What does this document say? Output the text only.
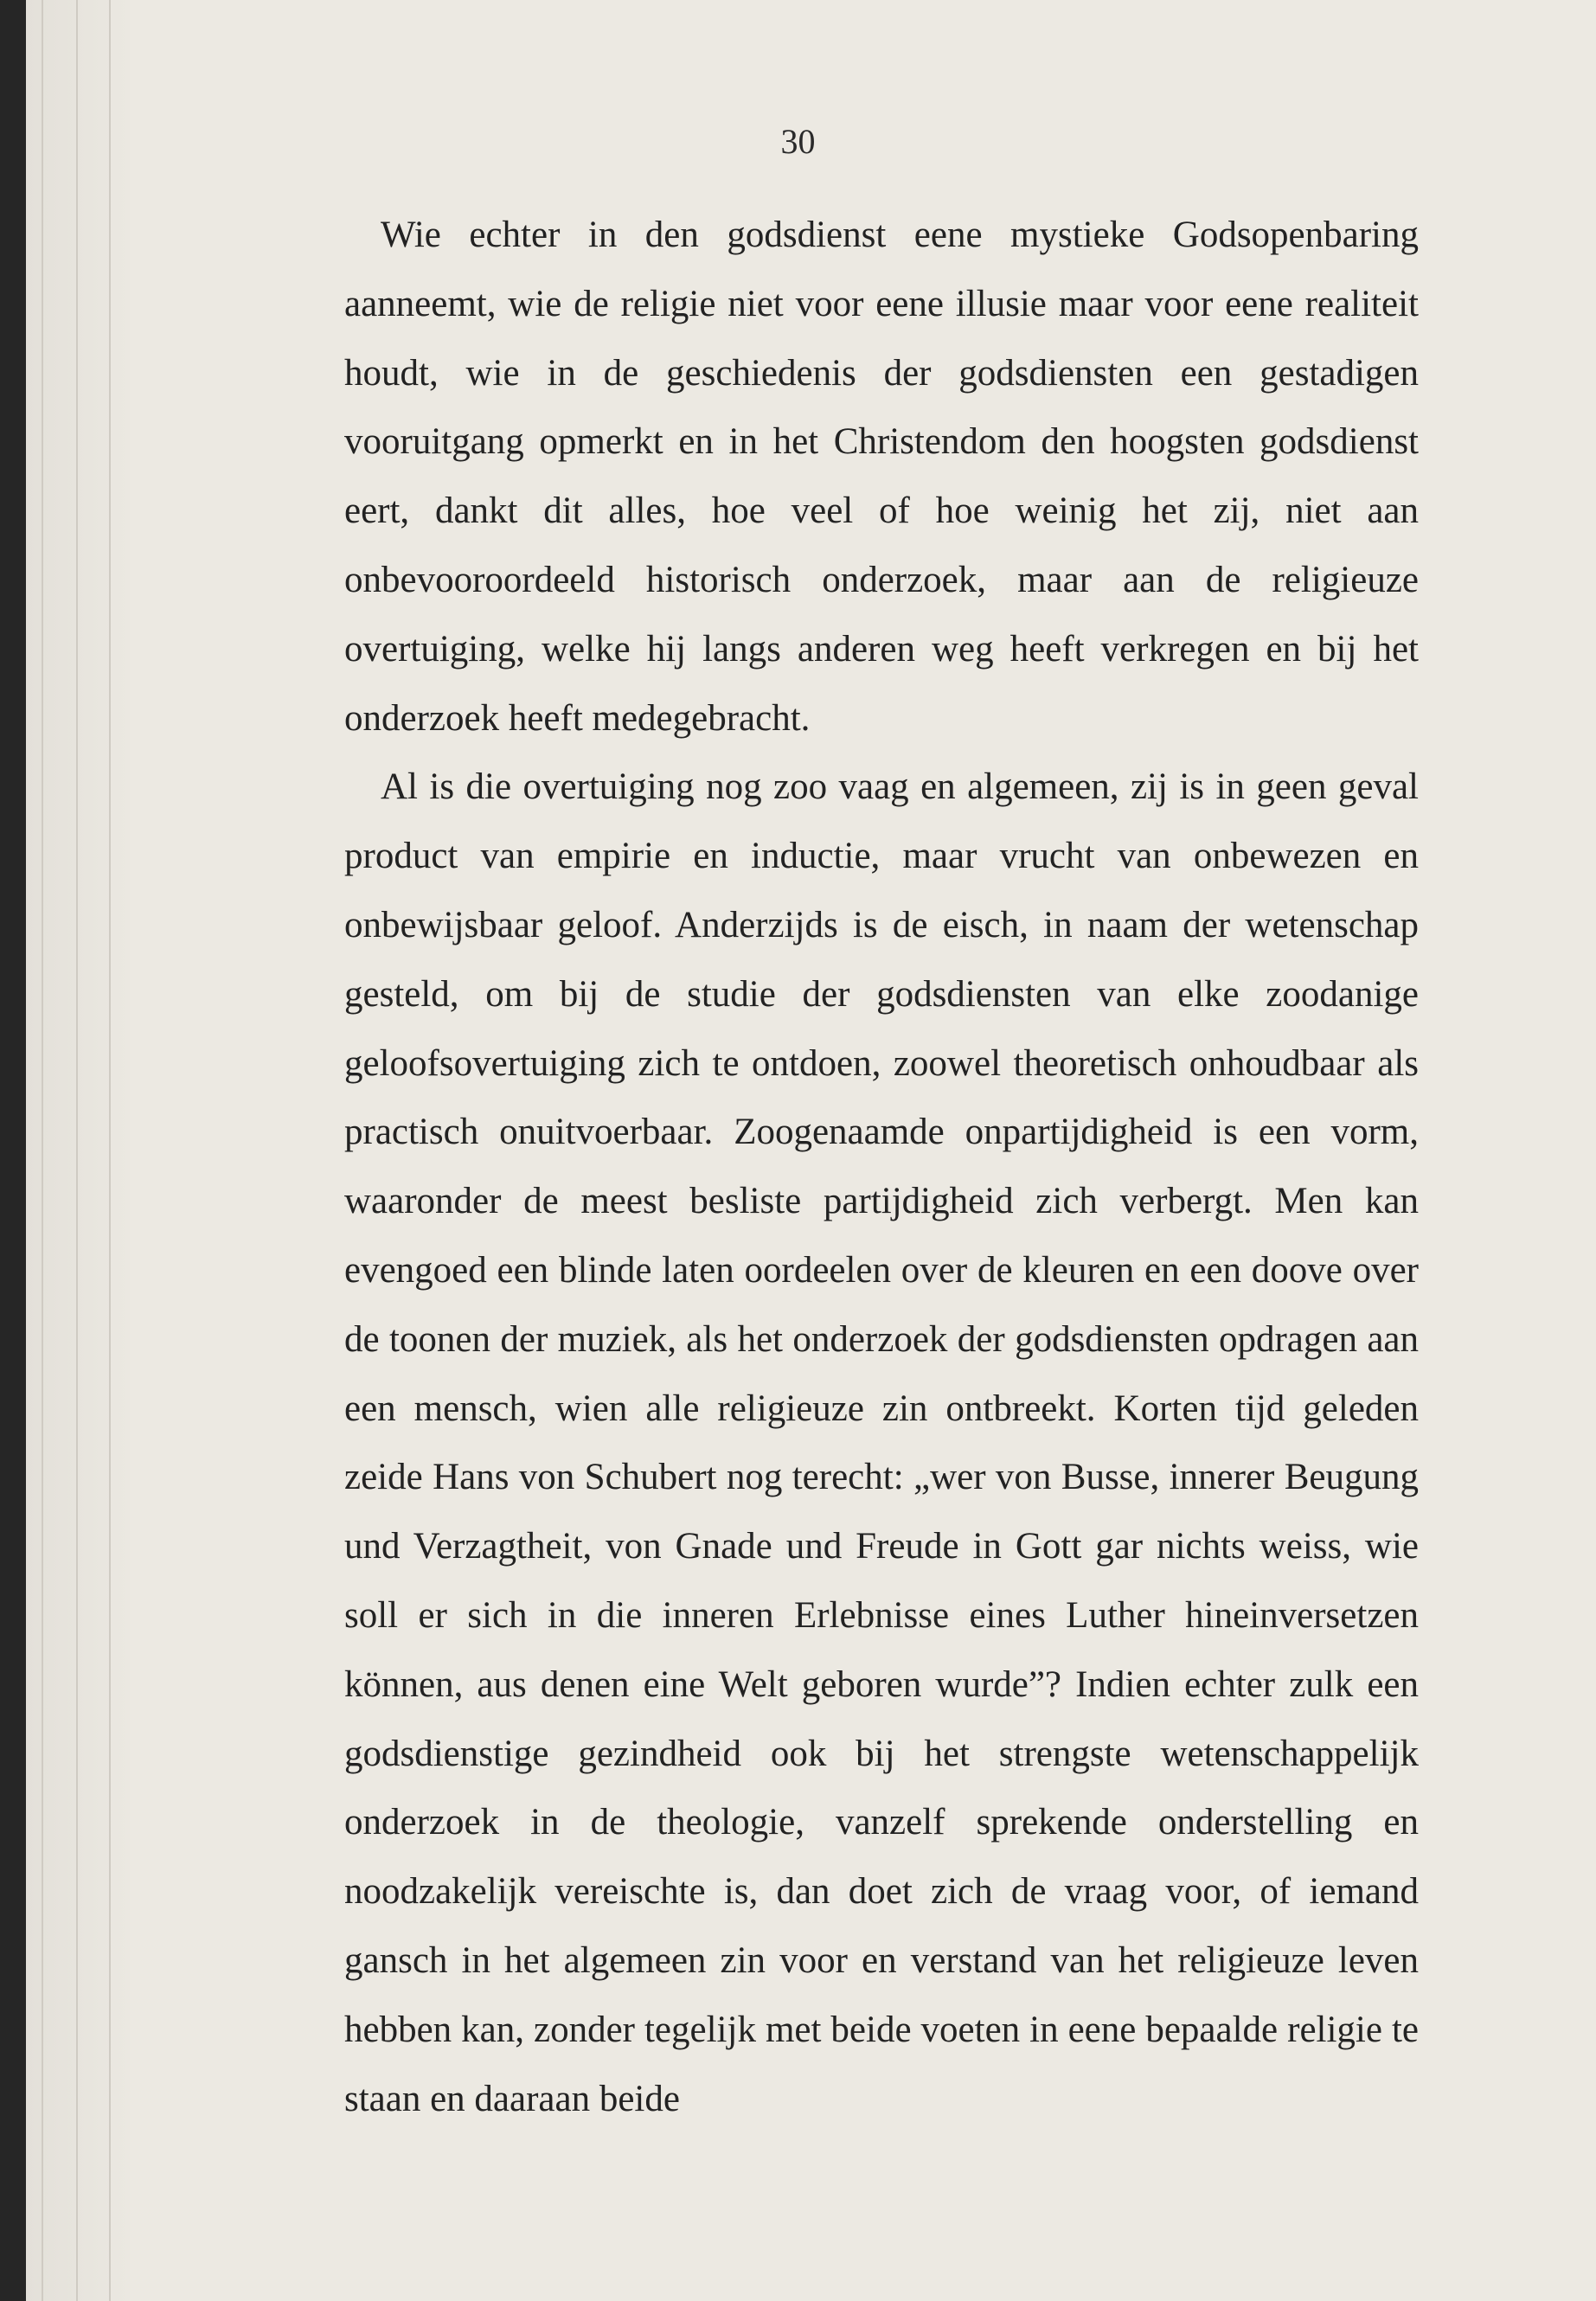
30

Wie echter in den godsdienst eene mystieke Godsopenbaring aanneemt, wie de religie niet voor eene illusie maar voor eene realiteit houdt, wie in de geschiedenis der godsdiensten een gestadigen vooruitgang opmerkt en in het Christendom den hoogsten godsdienst eert, dankt dit alles, hoe veel of hoe weinig het zij, niet aan onbevooroordeeld historisch onderzoek, maar aan de religieuze overtuiging, welke hij langs anderen weg heeft verkregen en bij het onderzoek heeft medegebracht.

Al is die overtuiging nog zoo vaag en algemeen, zij is in geen geval product van empirie en inductie, maar vrucht van onbewezen en onbewijsbaar geloof. Anderzijds is de eisch, in naam der wetenschap gesteld, om bij de studie der godsdiensten van elke zoodanige geloofsovertuiging zich te ontdoen, zoowel theoretisch onhoudbaar als practisch onuitvoerbaar. Zoogenaamde onpartijdigheid is een vorm, waaronder de meest besliste partijdigheid zich verbergt. Men kan evengoed een blinde laten oordeelen over de kleuren en een doove over de toonen der muziek, als het onderzoek der godsdiensten opdragen aan een mensch, wien alle religieuze zin ontbreekt. Korten tijd geleden zeide Hans von Schubert nog terecht: „wer von Busse, innerer Beugung und Verzagtheit, von Gnade und Freude in Gott gar nichts weiss, wie soll er sich in die inneren Erlebnisse eines Luther hineinversetzen können, aus denen eine Welt geboren wurde”? Indien echter zulk een godsdienstige gezindheid ook bij het strengste wetenschappelijk onderzoek in de theologie, vanzelf sprekende onderstelling en noodzakelijk vereischte is, dan doet zich de vraag voor, of iemand gansch in het algemeen zin voor en verstand van het religieuze leven hebben kan, zonder tegelijk met beide voeten in eene bepaalde religie te staan en daaraan beide
